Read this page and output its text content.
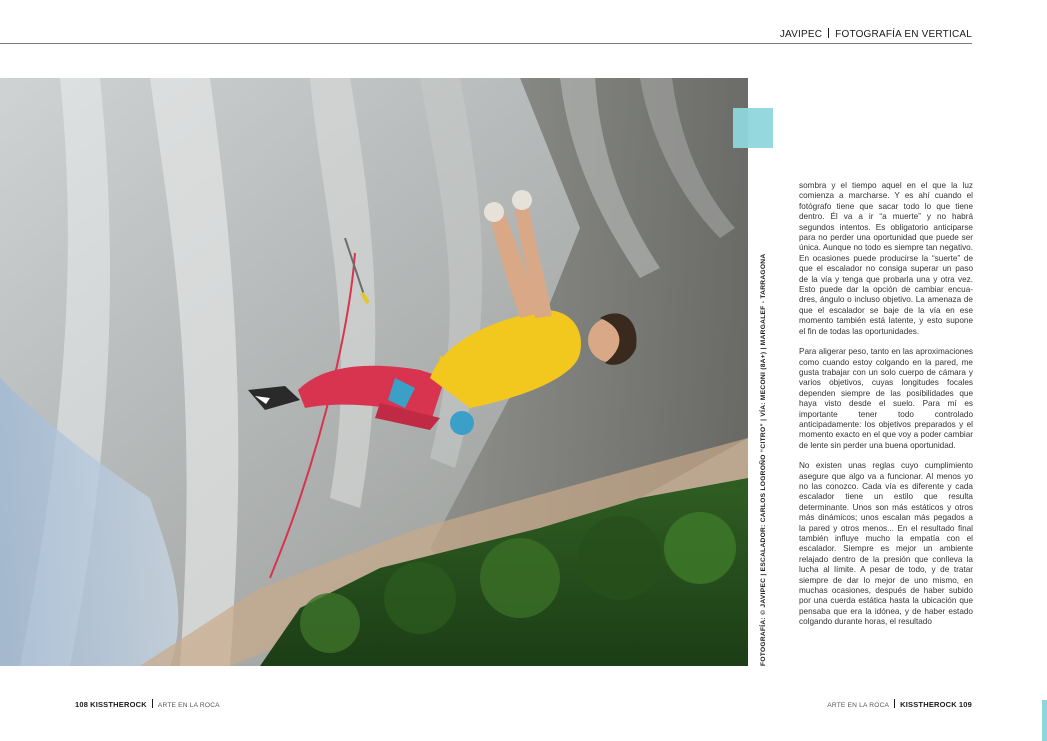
JAVIPEC FOTOGRAFÍA EN VERTICAL
FOTOGRAFÍA: © JAVIPEC | ESCALADOR: CARLOS LOGROÑO “CITRO” | VÍA: MECONI (8A+) | MARGALEF - TARRAGONA

sombra y el tiempo aquel en el que la luz comienza a marcharse. Y es ahí cuando el fotógrafo tiene que sacar todo lo que tiene dentro. Él va a ir “a muerte” y no habrá segundos intentos. Es obligatorio anticiparse para no perder una oportunidad que puede ser única. Aunque no todo es siempre tan negativo. En ocasiones puede producirse la “suerte” de que el escalador no consiga superar un paso de la vía y tenga que probarla una y otra vez. Esto puede dar la opción de cambiar encuadres, ángulo o incluso objetivo. La amenaza de que el escalador se baje de la vía en ese momento también está latente, y esto supone el fin de todas las oportunidades.

Para aligerar peso, tanto en las aproximaciones como cuando estoy colgando en la pared, me gusta trabajar con un solo cuerpo de cámara y varios objetivos, cuyas longitudes focales dependen siempre de las posibilidades que haya visto desde el suelo. Para mí es importante tener todo controlado anticipadamente: los objetivos preparados y el momento exacto en el que voy a poder cambiar de lente sin perder una buena oportunidad.

No existen unas reglas cuyo cumplimiento asegure que algo va a funcionar. Al menos yo no las conozco. Cada vía es diferente y cada escalador tiene un estilo que resulta determinante. Unos son más estáticos y otros más dinámicos; unos escalan más pegados a la pared y otros menos... En el resultado final también influye mucho la empatía con el escalador. Siempre es mejor un ambiente relajado dentro de la presión que conlleva la lucha al límite. A pesar de todo, y de tratar siempre de dar lo mejor de uno mismo, en muchas ocasiones, después de haber subido por una cuerda estática hasta la ubicación que pensaba que era la idónea, y de haber estado colgando durante horas, el resultado

108 KISSTHEROCK ARTE EN LA ROCA	ARTE EN LA ROCA KISSTHEROCK 109
